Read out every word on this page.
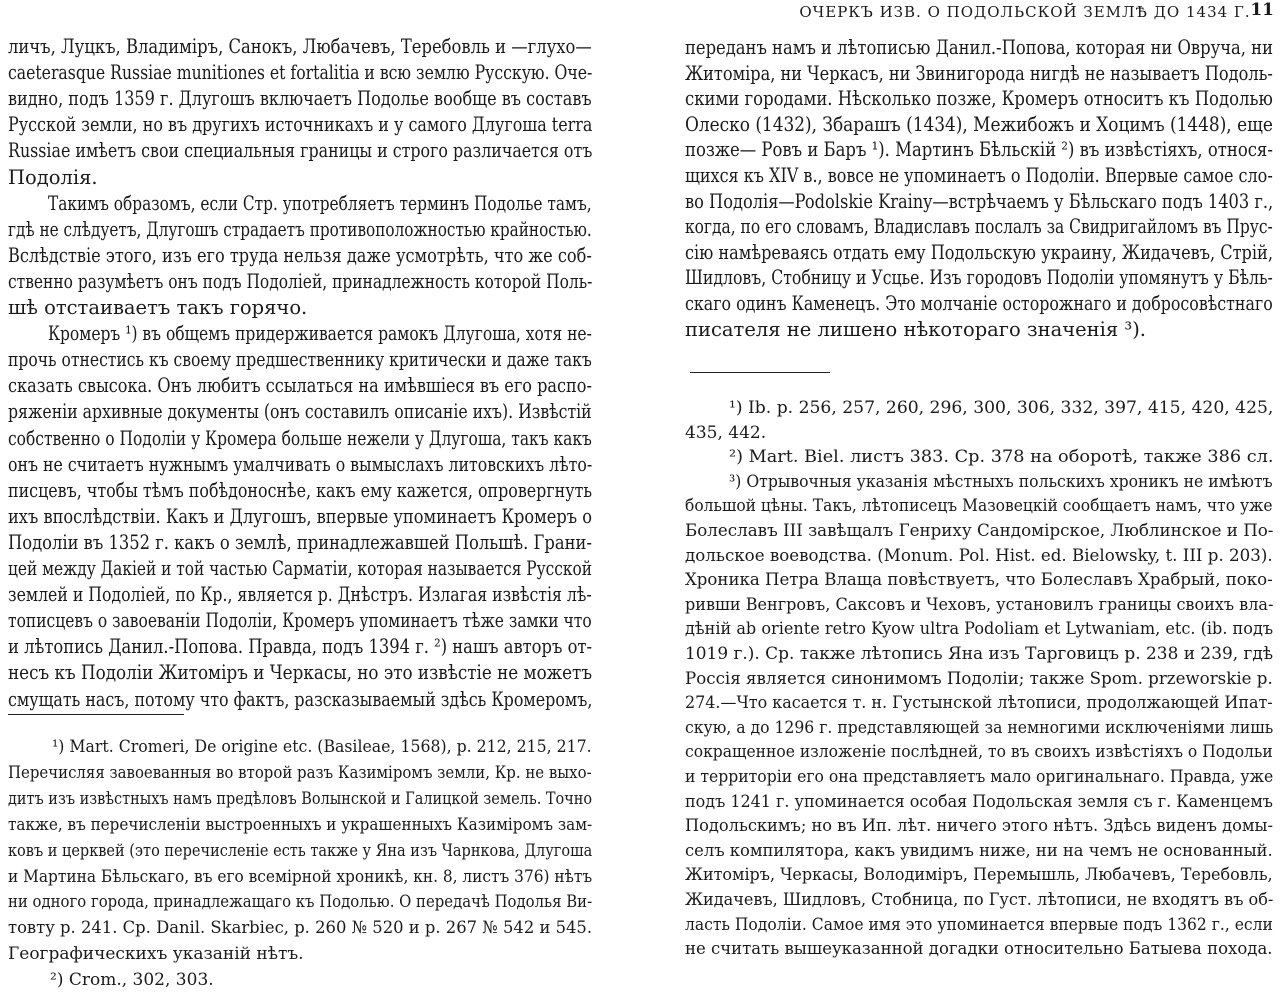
личъ, Луцкъ, Владиміръ, Санокъ, Любачевъ, Теребовль и —глухо—
caeterasque Russiae munitiones et fortalitia и всю землю Русскую. Оче-
видно, подъ 1359 г. Длугошъ включаетъ Подолье вообще въ составъ
Русской земли, но въ другихъ источникахъ и у самого Длугоша terra
Russiae имѣетъ свои специальныя границы и строго различается отъ
Подолія.
Такимъ образомъ, если Стр. употребляетъ терминъ Подолье тамъ,
гдѣ не слѣдуетъ, Длугошъ страдаетъ противоположностью крайностью.
Вслѣдствіе этого, изъ его труда нельзя даже усмотрѣть, что же соб-
ственно разумѣетъ онъ подъ Подоліей, принадлежность которой Поль-
шѣ отстаиваетъ такъ горячо.
Кромеръ ¹) въ общемъ придерживается рамокъ Длугоша, хотя не-
прочь отнестись къ своему предшественнику критически и даже такъ
сказать свысока. Онъ любитъ ссылаться на имѣвшіеся въ его распо-
ряженіи архивные документы (онъ составилъ описаніе ихъ). Извѣстій
собственно о Подоліи у Кромера больше нежели у Длугоша, такъ какъ
онъ не считаетъ нужнымъ умалчивать о вымыслахъ литовскихъ лѣто-
писцевъ, чтобы тѣмъ побѣдоноснѣе, какъ ему кажется, опровергнуть
ихъ впослѣдствіи. Какъ и Длугошъ, впервые упоминаетъ Кромеръ о
Подоліи въ 1352 г. какъ о землѣ, принадлежавшей Польшѣ. Грани-
цей между Дакіей и той частью Сарматіи, которая называется Русской
землей и Подоліей, по Кр., является р. Днѣстръ. Излагая извѣстія лѣ-
тописцевъ о завоеваніи Подоліи, Кромеръ упоминаетъ тѣже замки что
и лѣтопись Данил.-Попова. Правда, подъ 1394 г. ²) нашъ авторъ от-
несъ къ Подоліи Житоміръ и Черкасы, но это извѣстіе не можетъ
смущать насъ, потому что фактъ, разсказываемый здѣсь Кромеромъ,
¹) Mart. Cromeri, De origine etc. (Basileae, 1568), p. 212, 215, 217.
Перечисляя завоеванныя во второй разъ Казиміромъ земли, Кр. не выхо-
дитъ изъ извѣстныхъ намъ предѣловъ Волынской и Галицкой земель. Точно
также, въ перечисленіи выстроенныхъ и украшенныхъ Казиміромъ зам-
ковъ и церквей (это перечисленіе есть также у Яна изъ Чарнкова, Длугоша
и Мартина Бѣльскаго, въ его всемірной хроникѣ, кн. 8, листъ 376) нѣтъ
ни одного города, принадлежащаго къ Подолью. О передачѣ Подолья Ви-
товту р. 241. Ср. Danil. Skarbiec, р. 260 № 520 и р. 267 № 542 и 545.
Географическихъ указаній нѣтъ.
²) Crom., 302, 303.
ОЧЕРКЪ ИЗВ. О ПОДОЛЬСКОЙ ЗЕМЛѢ ДО 1434 Г. 11
переданъ намъ и лѣтописью Данил.-Попова, которая ни Овруча, ни
Житоміра, ни Черкасъ, ни Звинигорода нигдѣ не называетъ Подоль-
скими городами. Нѣсколько позже, Кромеръ относитъ къ Подолью
Олеско (1432), Збарашъ (1434), Межибожъ и Хоцимъ (1448), еще
позже— Ровъ и Баръ ¹). Мартинъ Бѣльскій ²) въ извѣстіяхъ, относя-
щихся къ XIV в., вовсе не упоминаетъ о Подоліи. Впервые самое сло-
во Подолія—Podolskie Krainy—встрѣчаемъ у Бѣльскаго подъ 1403 г.,
когда, по его словамъ, Владиславъ послалъ за Свидригайломъ въ Прус-
сію намѣреваясь отдать ему Подольскую украину, Жидачевъ, Стрій,
Шидловъ, Стобницу и Усцье. Изъ городовъ Подоліи упомянутъ у Бѣль-
скаго одинъ Каменецъ. Это молчаніе осторожнаго и добросовѣстнаго
писателя не лишено нѣкотораго значенія ³).
¹) Ib. р. 256, 257, 260, 296, 300, 306, 332, 397, 415, 420, 425,
435, 442.
²) Mart. Biel. листъ 383. Ср. 378 на оборотѣ, также 386 сл.
³) Отрывочныя указанія мѣстныхъ польскихъ хроникъ не имѣютъ
большой цѣны. Такъ, лѣтописецъ Мазовецкій сообщаетъ намъ, что уже
Болеславъ III завѣщалъ Генриху Сандомірское, Люблинское и По-
дольское воеводства. (Monum. Pol. Hist. ed. Bielowsky, t. III p. 203).
Хроника Петра Влаща повѣствуетъ, что Болеславъ Храбрый, поко-
ривши Венгровъ, Саксовъ и Чеховъ, установилъ границы своихъ вла-
дѣній ab oriente retro Kyow ultra Podoliam et Lytwaniam, etc. (ib. подъ
1019 г.). Ср. также лѣтопись Яна изъ Тарговицъ р. 238 и 239, гдѣ
Россія является синонимомъ Подоліи; также Spom. przeworskie р.
274.—Что касается т. н. Густынской лѣтописи, продолжающей Ипат-
скую, а до 1296 г. представляющей за немногими исключеніями лишь
сокращенное изложеніе послѣдней, то въ своихъ извѣстіяхъ о Подольи
и территоріи его она представляетъ мало оригинальнаго. Правда, уже
подъ 1241 г. упоминается особая Подольская земля съ г. Каменцемъ
Подольскимъ; но въ Ип. лѣт. ничего этого нѣтъ. Здѣсь виденъ домы-
селъ компилятора, какъ увидимъ ниже, ни на чемъ не основанный.
Житоміръ, Черкасы, Володиміръ, Перемышль, Любачевъ, Теребовль,
Жидачевъ, Шидловъ, Стобница, по Густ. лѣтописи, не входятъ въ об-
ласть Подоліи. Самое имя это упоминается впервые подъ 1362 г., если
не считать вышеуказанной догадки относительно Батыева похода.
